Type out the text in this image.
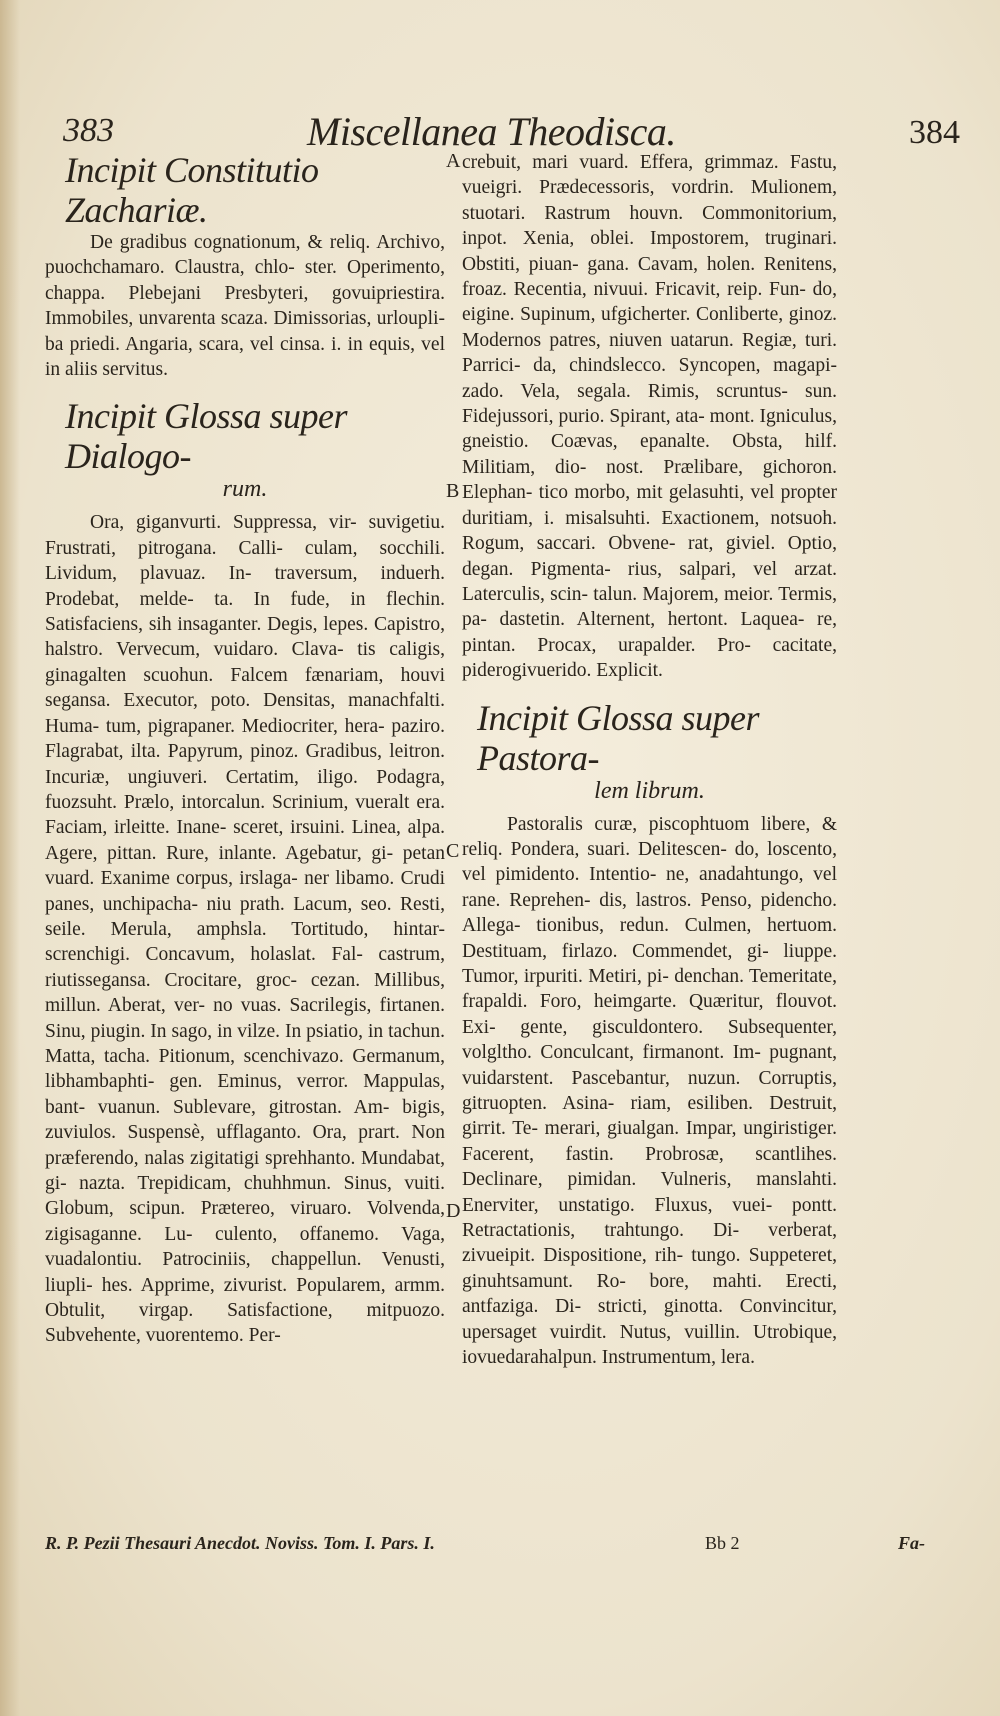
383	Miscellanea Theodisca.	384

Incipit Constitutio Zachariæ.

De gradibus cognationum, & reliq. Archivo, puochchamaro. Claustra, chlo- ster. Operimento, chappa. Plebejani Presbyteri, govuipriestira. Immobiles, unvarenta scaza. Dimissorias, urloupli- ba priedi. Angaria, scara, vel cinsa. i. in equis, vel in aliis servitus.

Incipit Glossa super Dialogo-

rum.

Ora, giganvurti. Suppressa, vir- suvigetiu. Frustrati, pitrogana. Calli- culam, socchili. Lividum, plavuaz. In- traversum, induerh. Prodebat, melde- ta. In fude, in flechin. Satisfaciens, sih insaganter. Degis, lepes. Capistro, halstro. Vervecum, vuidaro. Clava- tis caligis, ginagalten scuohun. Falcem fænariam, houvi segansa. Executor, poto. Densitas, manachfalti. Huma- tum, pigrapaner. Mediocriter, hera- paziro. Flagrabat, ilta. Papyrum, pinoz. Gradibus, leitron. Incuriæ, ungiuveri. Certatim, iligo. Podagra, fuozsuht. Prælo, intorcalun. Scrinium, vueralt era. Faciam, irleitte. Inane- sceret, irsuini. Linea, alpa. Agere, pittan. Rure, inlante. Agebatur, gi- petan vuard. Exanime corpus, irslaga- ner libamo. Crudi panes, unchipacha- niu prath. Lacum, seo. Resti, seile. Merula, amphsla. Tortitudo, hintar- screnchigi. Concavum, holaslat. Fal- castrum, riutissegansa. Crocitare, groc- cezan. Millibus, millun. Aberat, ver- no vuas. Sacrilegis, firtanen. Sinu, piugin. In sago, in vilze. In psiatio, in tachun. Matta, tacha. Pitionum, scenchivazo. Germanum, libhambaphti- gen. Eminus, verror. Mappulas, bant- vuanun. Sublevare, gitrostan. Am- bigis, zuviulos. Suspensè, ufflaganto. Ora, prart. Non præferendo, nalas zigitatigi sprehhanto. Mundabat, gi- nazta. Trepidicam, chuhhmun. Sinus, vuiti. Globum, scipun. Prætereo, viruaro. Volvenda, zigisaganne. Lu- culento, offanemo. Vaga, vuadalontiu. Patrociniis, chappellun. Venusti, liupli- hes. Apprime, zivurist. Popularem, armm. Obtulit, virgap. Satisfactione, mitpuozo. Subvehente, vuorentemo. Per-

crebuit, mari vuard. Effera, grimmaz. Fastu, vueigri. Prædecessoris, vordrin. Mulionem, stuotari. Rastrum houvn. Commonitorium, inpot. Xenia, oblei. Impostorem, truginari. Obstiti, piuan- gana. Cavam, holen. Renitens, froaz. Recentia, nivuui. Fricavit, reip. Fun- do, eigine. Supinum, ufgicherter. Conliberte, ginoz. Modernos patres, niuven uatarun. Regiæ, turi. Parrici- da, chindslecco. Syncopen, magapi- zado. Vela, segala. Rimis, scruntus- sun. Fidejussori, purio. Spirant, ata- mont. Igniculus, gneistio. Coævas, epanalte. Obsta, hilf. Militiam, dio- nost. Prælibare, gichoron. Elephan- tico morbo, mit gelasuhti, vel propter duritiam, i. misalsuhti. Exactionem, notsuoh. Rogum, saccari. Obvene- rat, giviel. Optio, degan. Pigmenta- rius, salpari, vel arzat. Laterculis, scin- talun. Majorem, meior. Termis, pa- dastetin. Alternent, hertont. Laquea- re, pintan. Procax, urapalder. Pro- cacitate, piderogivuerido. Explicit.

Incipit Glossa super Pastora-

lem librum.

Pastoralis curæ, piscophtuom libere, & reliq. Pondera, suari. Delitescen- do, loscento, vel pimidento. Intentio- ne, anadahtungo, vel rane. Reprehen- dis, lastros. Penso, pidencho. Allega- tionibus, redun. Culmen, hertuom. Destituam, firlazo. Commendet, gi- liuppe. Tumor, irpuriti. Metiri, pi- denchan. Temeritate, frapaldi. Foro, heimgarte. Quæritur, flouvot. Exi- gente, gisculdontero. Subsequenter, volgltho. Conculcant, firmanont. Im- pugnant, vuidarstent. Pascebantur, nuzun. Corruptis, gitruopten. Asina- riam, esiliben. Destruit, girrit. Te- merari, giualgan. Impar, ungiristiger. Facerent, fastin. Probrosæ, scantlihes. Declinare, pimidan. Vulneris, manslahti. Enerviter, unstatigo. Fluxus, vuei- pontt. Retractationis, trahtungo. Di- verberat, zivueipit. Dispositione, rih- tungo. Suppeteret, ginuhtsamunt. Ro- bore, mahti. Erecti, antfaziga. Di- stricti, ginotta. Convincitur, upersaget vuirdit. Nutus, vuillin. Utrobique, iovuedarahalpun. Instrumentum, lera.

A
B
C
D
R. P. Pezii Thesauri Anecdot. Noviss. Tom. I. Pars. I.	Bb 2	Fa-
